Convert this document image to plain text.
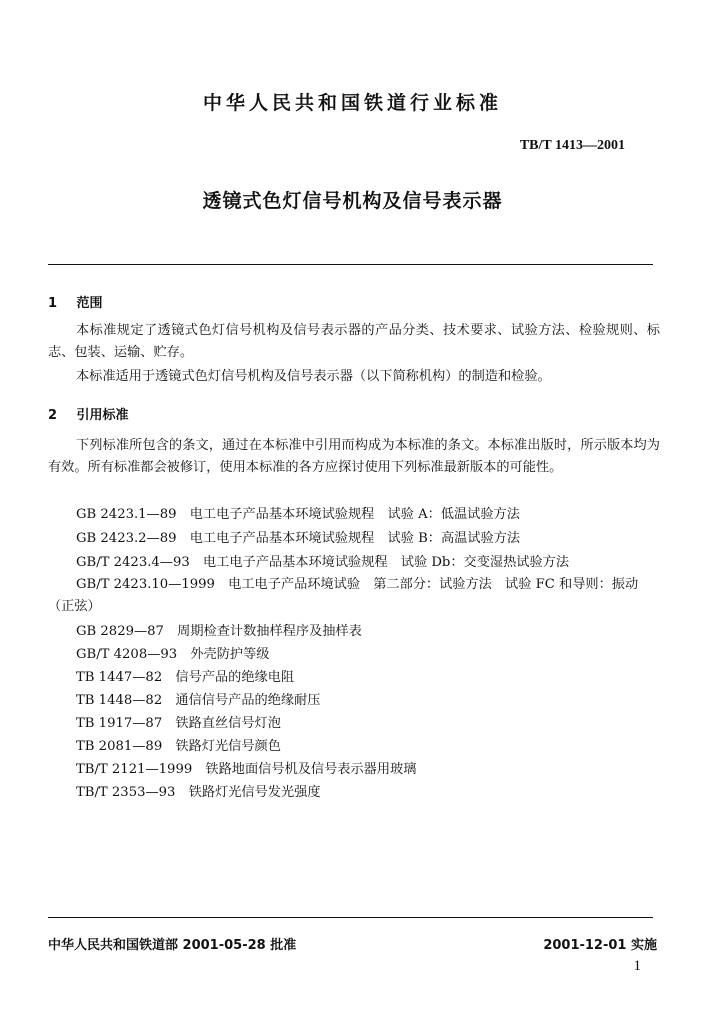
中华人民共和国铁道行业标准
TB/T 1413—2001
透镜式色灯信号机构及信号表示器
1 范围
本标准规定了透镜式色灯信号机构及信号表示器的产品分类、技术要求、试验方法、检验规则、标志、包装、运输、贮存。
本标准适用于透镜式色灯信号机构及信号表示器（以下简称机构）的制造和检验。
2 引用标准
下列标准所包含的条文，通过在本标准中引用而构成为本标准的条文。本标准出版时，所示版本均为有效。所有标准都会被修订，使用本标准的各方应探讨使用下列标准最新版本的可能性。
GB 2423.1—89　电工电子产品基本环境试验规程　试验 A：低温试验方法
GB 2423.2—89　电工电子产品基本环境试验规程　试验 B：高温试验方法
GB/T 2423.4—93　电工电子产品基本环境试验规程　试验 Db：交变湿热试验方法
GB/T 2423.10—1999　电工电子产品环境试验　第二部分：试验方法　试验 FC 和导则：振动（正弦）
GB 2829—87　周期检查计数抽样程序及抽样表
GB/T 4208—93　外壳防护等级
TB 1447—82　信号产品的绝缘电阻
TB 1448—82　通信信号产品的绝缘耐压
TB 1917—87　铁路直丝信号灯泡
TB 2081—89　铁路灯光信号颜色
TB/T 2121—1999　铁路地面信号机及信号表示器用玻璃
TB/T 2353—93　铁路灯光信号发光强度
中华人民共和国铁道部 2001-05-28 批准	2001-12-01 实施
1
